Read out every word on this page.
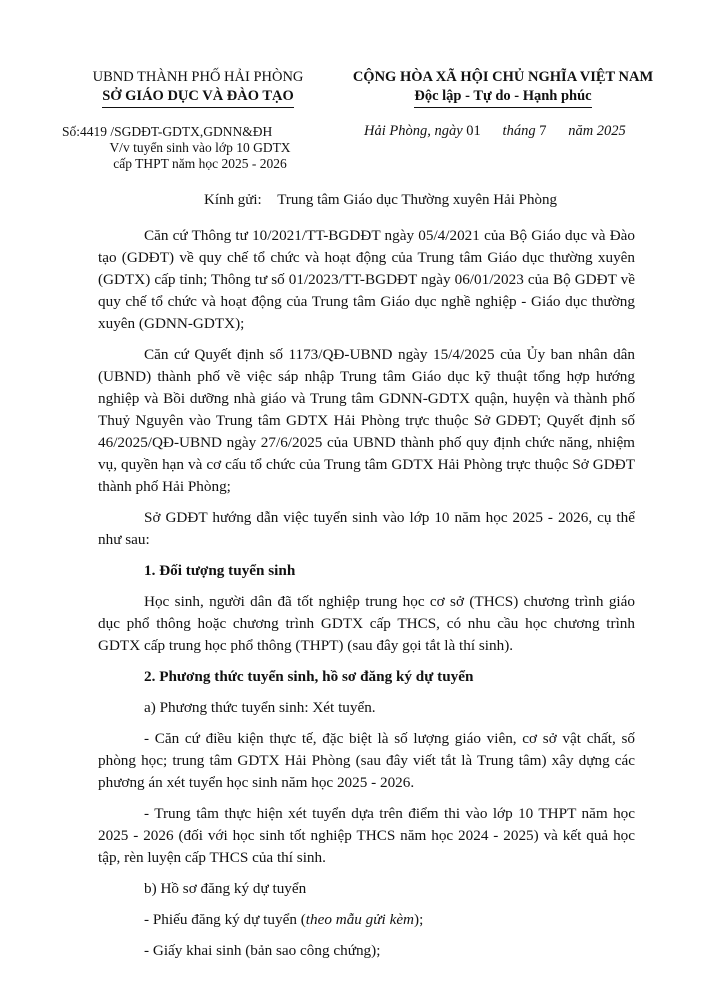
UBND THÀNH PHỐ HẢI PHÒNG
SỞ GIÁO DỤC VÀ ĐÀO TẠO
CỘNG HÒA XÃ HỘI CHỦ NGHĨA VIỆT NAM
Độc lập - Tự do - Hạnh phúc
Số:4419 /SGDĐT-GDTX,GDNN&ĐH
V/v tuyển sinh vào lớp 10 GDTX
cấp THPT năm học 2025 - 2026
Hải Phòng, ngày 01 tháng 7 năm 2025
Kính gửi: Trung tâm Giáo dục Thường xuyên Hải Phòng

Căn cứ Thông tư 10/2021/TT-BGDĐT ngày 05/4/2021 của Bộ Giáo dục và Đào tạo (GDĐT) về quy chế tổ chức và hoạt động của Trung tâm Giáo dục thường xuyên (GDTX) cấp tỉnh; Thông tư số 01/2023/TT-BGDĐT ngày 06/01/2023 của Bộ GDĐT về quy chế tổ chức và hoạt động của Trung tâm Giáo dục nghề nghiệp - Giáo dục thường xuyên (GDNN-GDTX);

Căn cứ Quyết định số 1173/QĐ-UBND ngày 15/4/2025 của Ủy ban nhân dân (UBND) thành phố về việc sáp nhập Trung tâm Giáo dục kỹ thuật tổng hợp hướng nghiệp và Bồi dưỡng nhà giáo và Trung tâm GDNN-GDTX quận, huyện và thành phố Thuỷ Nguyên vào Trung tâm GDTX Hải Phòng trực thuộc Sở GDĐT; Quyết định số 46/2025/QĐ-UBND ngày 27/6/2025 của UBND thành phố quy định chức năng, nhiệm vụ, quyền hạn và cơ cấu tổ chức của Trung tâm GDTX Hải Phòng trực thuộc Sở GDĐT thành phố Hải Phòng;

Sở GDĐT hướng dẫn việc tuyển sinh vào lớp 10 năm học 2025 - 2026, cụ thể như sau:

1. Đối tượng tuyển sinh

Học sinh, người dân đã tốt nghiệp trung học cơ sở (THCS) chương trình giáo dục phổ thông hoặc chương trình GDTX cấp THCS, có nhu cầu học chương trình GDTX cấp trung học phổ thông (THPT) (sau đây gọi tắt là thí sinh).

2. Phương thức tuyển sinh, hồ sơ đăng ký dự tuyển

a) Phương thức tuyển sinh: Xét tuyển.

- Căn cứ điều kiện thực tế, đặc biệt là số lượng giáo viên, cơ sở vật chất, số phòng học; trung tâm GDTX Hải Phòng (sau đây viết tắt là Trung tâm) xây dựng các phương án xét tuyển học sinh năm học 2025 - 2026.

- Trung tâm thực hiện xét tuyển dựa trên điểm thi vào lớp 10 THPT năm học 2025 - 2026 (đối với học sinh tốt nghiệp THCS năm học 2024 - 2025) và kết quả học tập, rèn luyện cấp THCS của thí sinh.

b) Hồ sơ đăng ký dự tuyển

- Phiếu đăng ký dự tuyển (theo mẫu gửi kèm);

- Giấy khai sinh (bản sao công chứng);
